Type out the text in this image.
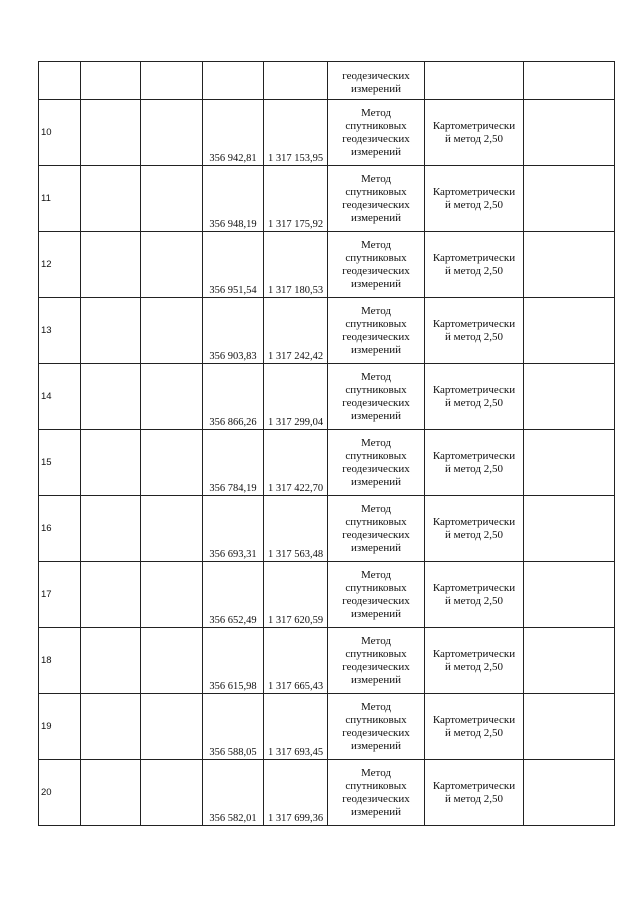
					геодезических измерений		
10			356 942,81	1 317 153,95	Метод спутниковых геодезических измерений	Картометрически
й метод 2,50	

11			356 948,19	1 317 175,92	Метод спутниковых геодезических измерений	Картометрически
й метод 2,50	

12			356 951,54	1 317 180,53	Метод спутниковых геодезических измерений	Картометрически
й метод 2,50	

13			356 903,83	1 317 242,42	Метод спутниковых геодезических измерений	Картометрически
й метод 2,50	

14			356 866,26	1 317 299,04	Метод спутниковых геодезических измерений	Картометрически
й метод 2,50	

15			356 784,19	1 317 422,70	Метод спутниковых геодезических измерений	Картометрически
й метод 2,50	

16			356 693,31	1 317 563,48	Метод спутниковых геодезических измерений	Картометрически
й метод 2,50	

17			356 652,49	1 317 620,59	Метод спутниковых геодезических измерений	Картометрически
й метод 2,50	

18			356 615,98	1 317 665,43	Метод спутниковых геодезических измерений	Картометрически
й метод 2,50	

19			356 588,05	1 317 693,45	Метод спутниковых геодезических измерений	Картометрически
й метод 2,50	

20			356 582,01	1 317 699,36	Метод спутниковых геодезических измерений	Картометрически
й метод 2,50	
